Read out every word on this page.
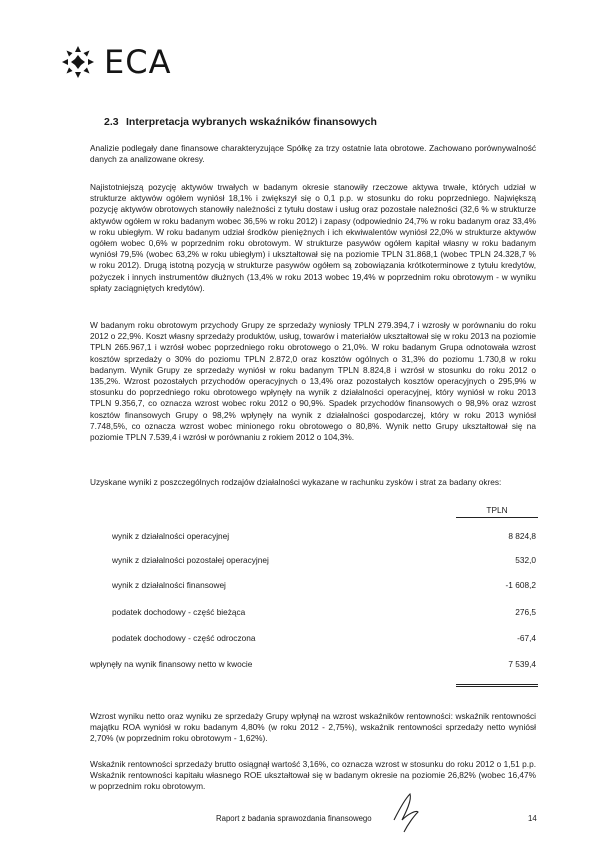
ECA
2.3 Interpretacja wybranych wskaźników finansowych
Analizie podlegały dane finansowe charakteryzujące Spółkę za trzy ostatnie lata obrotowe. Zachowano porównywalność danych za analizowane okresy.
Najistotniejszą pozycję aktywów trwałych w badanym okresie stanowiły rzeczowe aktywa trwałe, których udział w strukturze aktywów ogółem wyniósł 18,1% i zwiększył się o 0,1 p.p. w stosunku do roku poprzedniego. Największą pozycję aktywów obrotowych stanowiły należności z tytułu dostaw i usług oraz pozostałe należności (32,6 % w strukturze aktywów ogółem w roku badanym wobec 36,5% w roku 2012) i zapasy (odpowiednio 24,7% w roku badanym oraz 33,4% w roku ubiegłym. W roku badanym udział środków pieniężnych i ich ekwiwalentów wyniósł 22,0% w strukturze aktywów ogółem wobec 0,6% w poprzednim roku obrotowym. W strukturze pasywów ogółem kapitał własny w roku badanym wyniósł 79,5% (wobec 63,2% w roku ubiegłym) i ukształtował się na poziomie TPLN 31.868,1 (wobec TPLN 24.328,7 % w roku 2012). Drugą istotną pozycją w strukturze pasywów ogółem są zobowiązania krótkoterminowe z tytułu kredytów, pożyczek i innych instrumentów dłużnych (13,4% w roku 2013 wobec 19,4% w poprzednim roku obrotowym - w wyniku spłaty zaciągniętych kredytów).
W badanym roku obrotowym przychody Grupy ze sprzedaży wyniosły TPLN 279.394,7 i wzrosły w porównaniu do roku 2012 o 22,9%. Koszt własny sprzedaży produktów, usług, towarów i materiałów ukształtował się w roku 2013 na poziomie TPLN 265.967,1 i wzrósł wobec poprzedniego roku obrotowego o 21,0%. W roku badanym Grupa odnotowała wzrost kosztów sprzedaży o 30% do poziomu TPLN 2.872,0 oraz kosztów ogólnych o 31,3% do poziomu 1.730,8 w roku badanym. Wynik Grupy ze sprzedaży wyniósł w roku badanym TPLN 8.824,8 i wzrósł w stosunku do roku 2012 o 135,2%. Wzrost pozostałych przychodów operacyjnych o 13,4% oraz pozostałych kosztów operacyjnych o 295,9% w stosunku do poprzedniego roku obrotowego wpłynęły na wynik z działalności operacyjnej, który wyniósł w roku 2013 TPLN 9.356,7, co oznacza wzrost wobec roku 2012 o 90,9%. Spadek przychodów finansowych o 98,9% oraz wzrost kosztów finansowych Grupy o 98,2% wpłynęły na wynik z działalności gospodarczej, który w roku 2013 wyniósł 7.748,5%, co oznacza wzrost wobec minionego roku obrotowego o 80,8%. Wynik netto Grupy ukształtował się na poziomie TPLN 7.539,4 i wzrósł w porównaniu z rokiem 2012 o 104,3%.
Uzyskane wyniki z poszczególnych rodzajów działalności wykazane w rachunku zysków i strat za badany okres:
TPLN
wynik z działalności operacyjnej	8 824,8
wynik z działalności pozostałej operacyjnej	532,0
wynik z działalności finansowej	-1 608,2
podatek dochodowy - część bieżąca	276,5
podatek dochodowy - część odroczona	-67,4
wpłynęły na wynik finansowy netto w kwocie	7 539,4
Wzrost wyniku netto oraz wyniku ze sprzedaży Grupy wpłynął na wzrost wskaźników rentowności: wskaźnik rentowności majątku ROA wyniósł w roku badanym 4,80% (w roku 2012 - 2,75%), wskaźnik rentowności sprzedaży netto wyniósł 2,70% (w poprzednim roku obrotowym - 1,62%).
Wskaźnik rentowności sprzedaży brutto osiągnął wartość 3,16%, co oznacza wzrost w stosunku do roku 2012 o 1,51 p.p. Wskaźnik rentowności kapitału własnego ROE ukształtował się w badanym okresie na poziomie 26,82% (wobec 16,47% w poprzednim roku obrotowym.
Raport z badania sprawozdania finansowego	14
